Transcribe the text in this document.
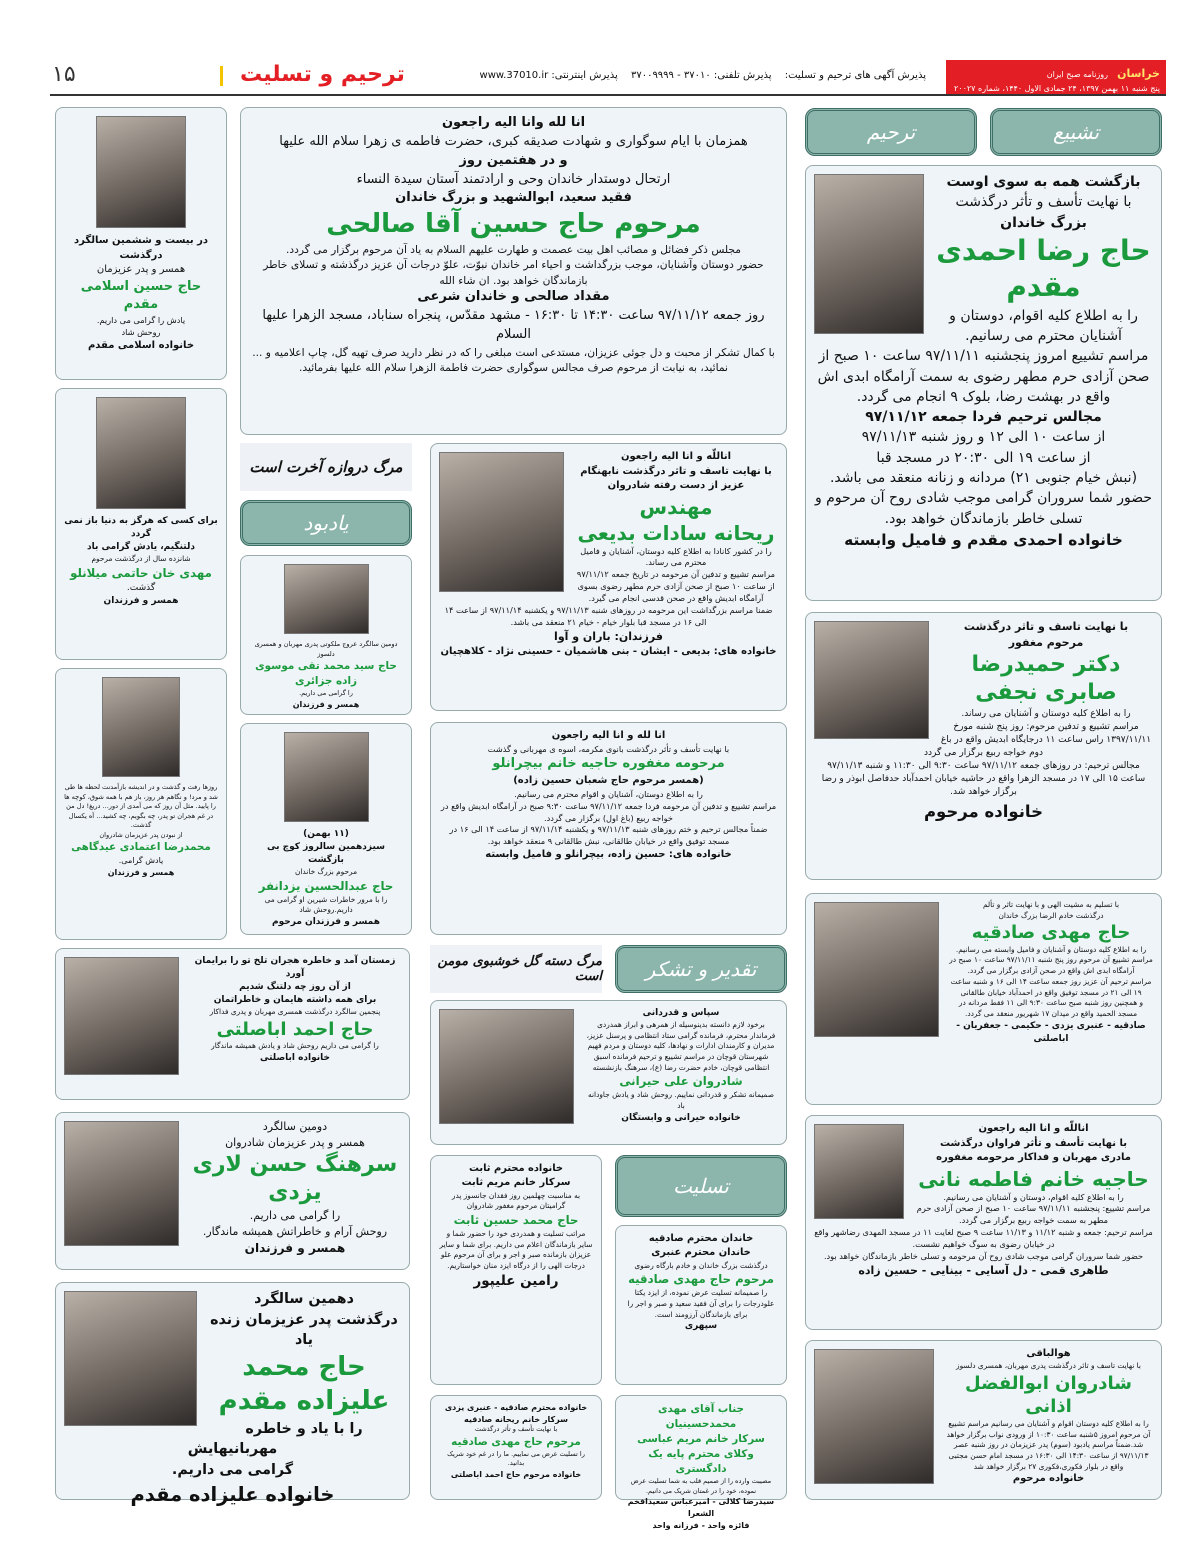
خراسان روزنامه صبح ایران
پنج شنبه ۱۱ بهمن ۱۳۹۷، ۲۴ جمادی الاول ۱۴۴۰، شماره ۲۰۰۲۷
پذیرش آگهی های ترحیم و تسلیت: پذیرش تلفنی: ۳۷۰۱۰ - ۳۷۰۰۹۹۹۹ پذیرش اینترنتی: www.37010.ir
ترحیم و تسلیت
۱۵
تشییع
ترحیم
مرگ دروازه آخرت است
یادبود
مرگ دسته گل خوشبوی مومن است	تقدیر و تشکر
تسلیت
بازگشت همه به سوی اوست
با نهایت تأسف و تأثر درگذشت
بزرگ خاندان
حاج رضا احمدی مقدم
را به اطلاع کلیه اقوام، دوستان و آشنایان محترم می رسانیم.
مراسم تشییع امروز پنجشنبه ۹۷/۱۱/۱۱ ساعت ۱۰ صبح از صحن آزادی حرم مطهر رضوی به سمت آرامگاه ابدی اش واقع در بهشت رضا، بلوک ۹ انجام می گردد.
مجالس ترحیم فردا جمعه ۹۷/۱۱/۱۲
از ساعت ۱۰ الی ۱۲ و روز شنبه ۹۷/۱۱/۱۳
از ساعت ۱۹ الی ۲۰:۳۰ در مسجد قبا
(نبش خیام جنوبی ۲۱) مردانه و زنانه منعقد می باشد.
حضور شما سروران گرامی موجب شادی روح آن مرحوم و تسلی خاطر بازماندگان خواهد بود.
خانواده احمدی مقدم و فامیل وابسته
با نهایت تاسف و تاثر درگذشت
مرحوم مغفور
دکتر حمیدرضا
صابری نجفی
را به اطلاع کلیه دوستان و آشنایان می رساند.
مراسم تشییع و تدفین مرحوم: روز پنج شنبه مورخ ۱۳۹۷/۱۱/۱۱ راس ساعت ۱۱ درجایگاه ابدیش واقع در باغ دوم خواجه ربیع برگزار می گردد
مجالس ترحیم: در روزهای جمعه ۹۷/۱۱/۱۲ ساعت ۹:۳۰ الی ۱۱:۳۰ و شنبه ۹۷/۱۱/۱۳ ساعت ۱۵ الی ۱۷ در مسجد الزهرا واقع در حاشیه خیابان احمدآباد حدفاصل ابوذر و رضا برگزار خواهد شد.
خانواده مرحوم
با تسلیم به مشیت الهی و با نهایت تاثر و تألم
درگذشت خادم الرضا بزرگ خاندان
حاج مهدی صادقیه
را به اطلاع کلیه دوستان و آشنایان و فامیل وابسته می رسانیم.
مراسم تشییع آن مرحوم روز پنج شنبه ۹۷/۱۱/۱۱ ساعت ۱۰ صبح در آرامگاه ابدی اش واقع در صحن آزادی برگزار می گردد.
مراسم ترحیم آن عزیز روز جمعه ساعت ۱۴ الی ۱۶ و شنبه ساعت ۱۹ الی ۲۱ در مسجد توفیق واقع در احمدآباد خیابان طالقانی
و همچنین روز شنبه صبح ساعت ۹:۳۰ الی ۱۱ فقط مردانه در مسجد الحمید واقع در میدان ۱۷ شهریور منعقد می گردد.
صادقیه - عنبری یزدی - حکیمی - جعفریان - اباصلتی
اناللّه و انا الیه راجعون
با نهایت تأسف و تأثر فراوان درگذشت
مادری مهربان و فداکار مرحومه مغفوره
حاجیه خانم فاطمه نانی
را به اطلاع کلیه اقوام، دوستان و آشنایان می رسانیم.
مراسم تشییع: پنجشنبه ۹۷/۱۱/۱۱ ساعت ۱۰ صبح از صحن آزادی حرم مطهر به سمت خواجه ربیع برگزار می گردد.
مراسم ترحیم: جمعه و شنبه ۱۱/۱۲ و ۱۱/۱۳ ساعت ۹ صبح لغایت ۱۱ در مسجد المهدی رضاشهر واقع در خیابان رضوی به سوگ خواهیم نشست.
حضور شما سروران گرامی موجب شادی روح آن مرحومه و تسلی خاطر بازماندگان خواهد بود.
طاهری قمی - دل آسایی - بینایی - حسین زاده
هوالباقی
با نهایت تاسف و تاثر درگذشت پدری مهربان، همسری دلسوز
شادروان ابوالفضل اذانی
را به اطلاع کلیه دوستان اقوام و آشنایان می رسانیم مراسم تشییع آن مرحوم امروز ۵شنبه ساعت ۱۰:۳۰ از ورودی نواب برگزار خواهد شد.ضمناً مراسم یادبود (سوم) پدر عزیزمان در روز شنبه عصر ۹۷/۱۱/۱۳ از ساعت ۱۴:۳۰ الی ۱۶:۳۰ در مسجد امام حسن مجتبی واقع در بلوار فکوری،فکوری ۲۷ برگزار خواهد شد
خانواده مرحوم
انا لله وانا الیه راجعون
همزمان با ایام سوگواری و شهادت صدیقه کبری، حضرت فاطمه ی زهرا سلام الله علیها
و در هفتمین روز
ارتحال دوستدار خاندان وحی و ارادتمند آستان سیدة النساء
فقید سعید، ابوالشهید و بزرگ خاندان
مرحوم حاج حسین آقا صالحی
مجلس ذکر فضائل و مصائب اهل بیت عصمت و طهارت علیهم السلام به یاد آن مرحوم برگزار می گردد.
حضور دوستان وآشنایان، موجب بزرگداشت و احیاء امر خاندان نبوّت، علوّ درجات آن عزیز درگذشته و تسلای خاطر بازماندگان خواهد بود. ان شاء الله
مقداد صالحی و خاندان شرعی
روز جمعه ۹۷/۱۱/۱۲ ساعت ۱۴:۳۰ تا ۱۶:۳۰ - مشهد مقدّس، پنجراه سناباد، مسجد الزهرا علیها السلام
با کمال تشکر از محبت و دل جوئی عزیزان، مستدعی است مبلغی را که در نظر دارید صرف تهیه گل، چاپ اعلامیه و ... نمائید، به نیابت از مرحوم صرف مجالس سوگواری حضرت فاطمة الزهرا سلام الله علیها بفرمائید.
دومین سالگرد عروج ملکوتی پدری مهربان و همسری دلسوز
حاج سید محمد تقی موسوی زاده جزائری
را گرامی می داریم.
همسر و فرزندان
(۱۱ بهمن)
سیزدهمین سالروز کوچ بی بازگشت
مرحوم بزرگ خاندان
حاج عبدالحسین یزدانفر
را با مرور خاطرات شیرین او گرامی می داریم.روحش شاد
همسر و فرزندان مرحوم
اناللّه و انا الیه راجعون
با نهایت تاسف و تاثر درگذشت نابهنگام عزیز از دست رفته شادروان
مهندس
ریحانه سادات بدیعی
را در کشور کانادا به اطلاع کلیه دوستان، آشنایان و فامیل محترم می رساند.
مراسم تشییع و تدفین آن مرحومه در تاریخ جمعه ۹۷/۱۱/۱۲ از ساعت ۱۰ صبح از صحن آزادی حرم مطهر رضوی بسوی آرامگاه ابدیش واقع در صحن قدسی انجام می گیرد.
ضمنا مراسم بزرگداشت این مرحومه در روزهای شنبه ۹۷/۱۱/۱۳ و یکشنبه ۹۷/۱۱/۱۴ از ساعت ۱۴ الی ۱۶ در مسجد قبا بلوار خیام - خیام ۲۱ منعقد می باشد.
فرزندان: باران و آوا
خانواده های: بدیعی - ایشان - بنی هاشمیان - حسینی نژاد - کلاهچیان
انا لله و انا الیه راجعون
با نهایت تأسف و تأثر درگذشت بانوی مکرمه، اسوه ی مهربانی و گذشت
مرحومه مغفوره حاجیه خانم بیچرانلو
(همسر مرحوم حاج شعبان حسین زاده)
را به اطلاع دوستان، آشنایان و اقوام محترم می رسانیم.
مراسم تشییع و تدفین آن مرحومه فردا جمعه ۹۷/۱۱/۱۲ ساعت ۹:۳۰ صبح در آرامگاه ابدیش واقع در خواجه ربیع (باغ اول) برگزار می گردد.
ضمناً مجالس ترحیم و ختم روزهای شنبه ۹۷/۱۱/۱۳ و یکشنبه ۹۷/۱۱/۱۴ از ساعت ۱۴ الی ۱۶ در مسجد توفیق واقع در خیابان طالقانی، نبش طالقانی ۹ منعقد خواهد بود.
خانواده های: حسین زاده، بیچرانلو و فامیل وابسته
سپاس و قدردانی
برخود لازم دانسته بدینوسیله از همرهی و ابراز همدردی فرماندار محترم، فرمانده گرامی ستاد انتظامی و پرسنل عزیز، مدیران و کارمندان ادارات و نهادها، کلیه دوستان و مردم فهیم شهرستان قوچان در مراسم تشییع و ترحیم فرمانده اسبق انتظامی قوچان، خادم حضرت رضا (ع)، سرهنگ بازنشسته
شادروان علی حیرانی
صمیمانه تشکر و قدردانی نماییم. روحش شاد و یادش جاودانه باد
خانواده حیرانی و وابستگان
خانواده محترم ثابت
سرکار خانم مریم ثابت
به مناسبت چهلمین روز فقدان جانسوز پدر گرامیتان مرحوم مغفور شادروان
حاج محمد حسین ثابت
مراتب تسلیت و همدردی خود را حضور شما و سایر بازماندگان اعلام می داریم. برای شما و سایر عزیزان بازمانده صبر و اجر و برای آن مرحوم علو درجات الهی را از درگاه ایزد منان خواستاریم.
رامین علیپور
خاندان محترم صادقیه
خاندان محترم عنبری
درگذشت بزرگ خاندان و خادم بارگاه رضوی
مرحوم حاج مهدی صادقیه
را صمیمانه تسلیت عرض نموده، از ایزد یکتا علودرجات را برای آن فقید سعید و صبر و اجر را برای بازماندگان آرزومند است.
سپهری
خانواده محترم صادقیه - عنبری یزدی
سرکار خانم ریحانه صادقیه
با نهایت تأسف و تأثر درگذشت
مرحوم حاج مهدی صادقیه
را تسلیت عرض می نماییم. ما را در غم خود شریک بدانید.
خانواده مرحوم حاج احمد اباصلتی
جناب آقای مهدی محمدحسینیان
سرکار خانم مریم عباسی
وکلای محترم پایه یک دادگستری
مصیبت وارده را از صمیم قلب به شما تسلیت عرض نموده، خود را در غمتان شریک می دانیم.
سیدرضا کلالی - امیرعباس سعیدافخم الشعرا
فائزه واحد - فرزانه واحد
در بیست و ششمین سالگرد درگذشت
همسر و پدر عزیزمان
حاج حسین اسلامی مقدم
یادش را گرامی می داریم.
روحش شاد
خانواده اسلامی مقدم
برای کسی که هرگز به دنیا باز نمی گردد
دلتنگیم، یادش گرامی باد
شانزده سال از درگذشت مرحوم
مهدی خان حاتمی میلانلو
گذشت.
همسر و فرزندان
روزها رفت و گذشت و در اندیشه بازآمدنت لحظه ها طی شد و مرد! و نگاهم هر روز، باز هم با همه شوق، کوچه ها را پایید. مثل آن روز که می آمدی از دور... دریغ! دل من در غم هجران تو پدر، چه بگویم، چه کشید... آه یکسال گذشت.
از نبودن پدر عزیزمان شادروان
محمدرضا اعتمادی عیدگاهی
یادش گرامی.
همسر و فرزندان
زمستان آمد و خاطره هجران تلخ تو را برایمان آورد
از آن روز چه دلتنگ شدیم
برای همه داشته هایمان و خاطراتمان
پنجمین سالگرد درگذشت همسری مهربان و پدری فداکار
حاج احمد اباصلتی
را گرامی می داریم روحش شاد و یادش همیشه ماندگار
خانواده اباصلتی
دومین سالگرد
همسر و پدر عزیزمان شادروان
سرهنگ حسن لاری یزدی
را گرامی می داریم.
روحش آرام و خاطراتش همیشه ماندگار.
همسر و فرزندان
دهمین سالگرد
درگذشت پدر عزیزمان زنده یاد
حاج محمد علیزاده مقدم
را با یاد و خاطره مهربانیهایش
گرامی می داریم.
خانواده علیزاده مقدم
